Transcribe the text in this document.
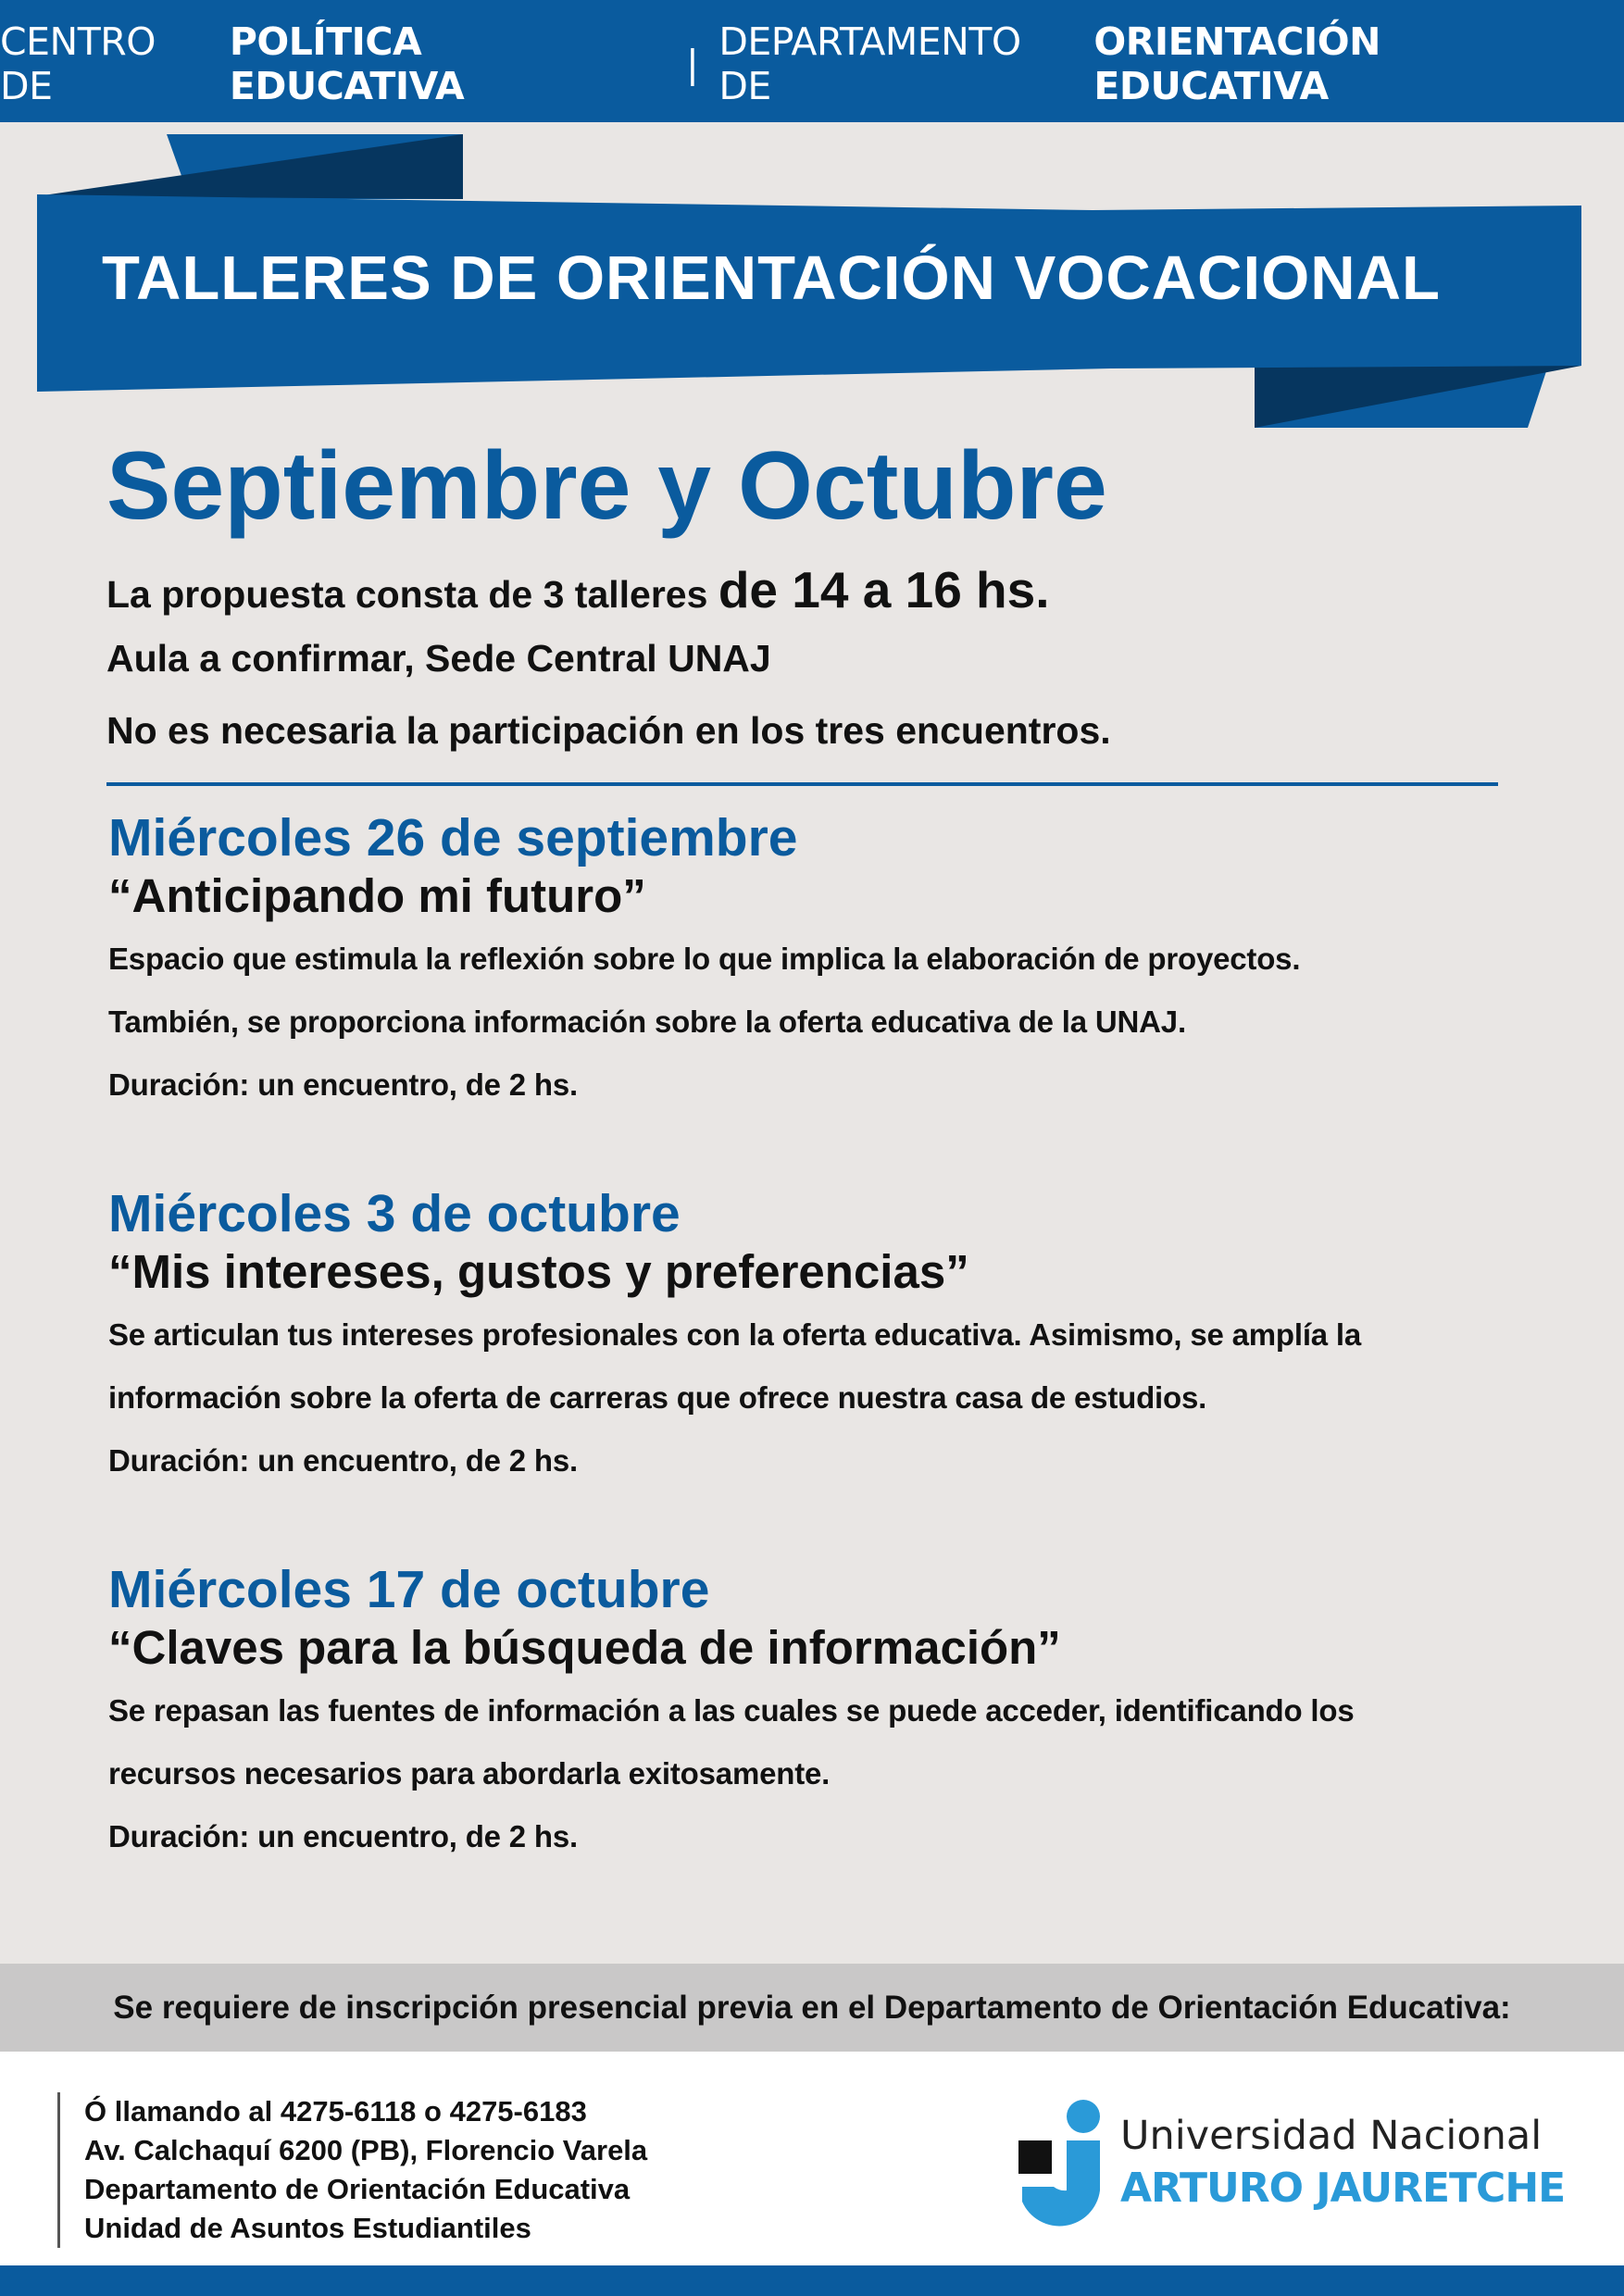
CENTRO DE

POLÍTICA EDUCATIVA	| DEPARTAMENTO DE

ORIENTACIÓN EDUCATIVA
TALLERES DE ORIENTACIÓN VOCACIONAL
Septiembre y Octubre
La propuesta consta de 3 talleres de 14 a 16 hs.
Aula a confirmar, Sede Central UNAJ
No es necesaria la participación en los tres encuentros.
Miércoles 26 de septiembre
“Anticipando mi futuro”
Espacio que estimula la reflexión sobre lo que implica la elaboración de proyectos.
También, se proporciona información sobre la oferta educativa de la UNAJ.
Duración: un encuentro, de 2 hs.
Miércoles 3 de octubre
“Mis intereses, gustos y preferencias”
Se articulan tus intereses profesionales con la oferta educativa. Asimismo, se amplía la
información sobre la oferta de carreras que ofrece nuestra casa de estudios.
Duración: un encuentro, de 2 hs.
Miércoles 17 de octubre
“Claves para la búsqueda de información”
Se repasan las fuentes de información a las cuales se puede acceder, identificando los
recursos necesarios para abordarla exitosamente.
Duración: un encuentro, de 2 hs.
Se requiere de inscripción presencial previa en el Departamento de Orientación Educativa:
Ó llamando al 4275-6118 o 4275-6183
Av. Calchaquí 6200 (PB), Florencio Varela
Departamento de Orientación Educativa
Unidad de Asuntos Estudiantiles
Universidad Nacional
ARTURO JAURETCHE
